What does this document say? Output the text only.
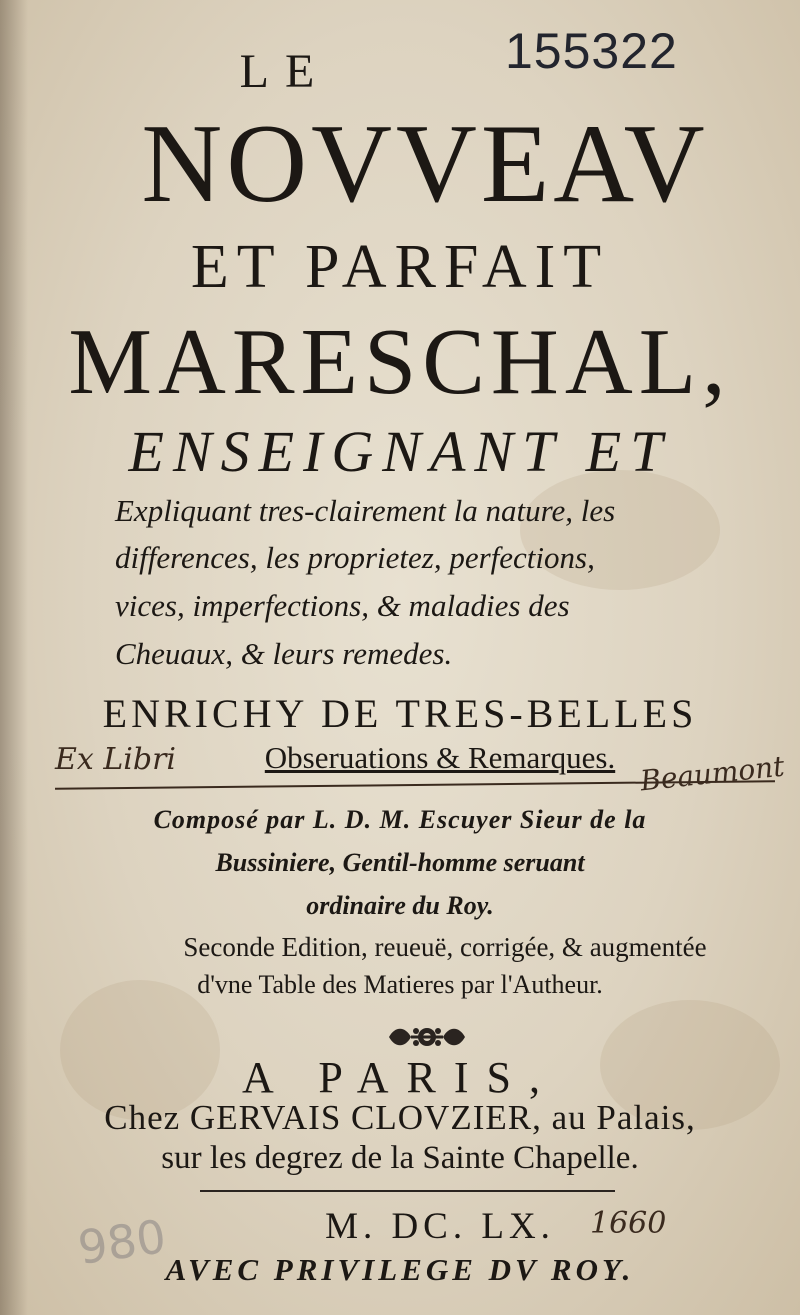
155322
LE
NOVVEAV
ET PARFAIT
MARESCHAL,
ENSEIGNANT ET
Expliquant tres-clairement la nature, les
differences, les proprietez, perfections,
vices, imperfections, & maladies des
Cheuaux, & leurs remedes.
ENRICHY DE TRES-BELLES
Obseruations & Remarques.
Ex Libri	Beaumont
Composé par L. D. M. Escuyer Sieur de la
Bussiniere, Gentil-homme seruant
ordinaire du Roy.
Seconde Edition, reueuë, corrigée, & augmentée
d'vne Table des Matieres par l'Autheur.
A PARIS,
Chez GERVAIS CLOVZIER, au Palais,
sur les degrez de la Sainte Chapelle.
M. DC. LX.	1660
AVEC PRIVILEGE DV ROY.
980
